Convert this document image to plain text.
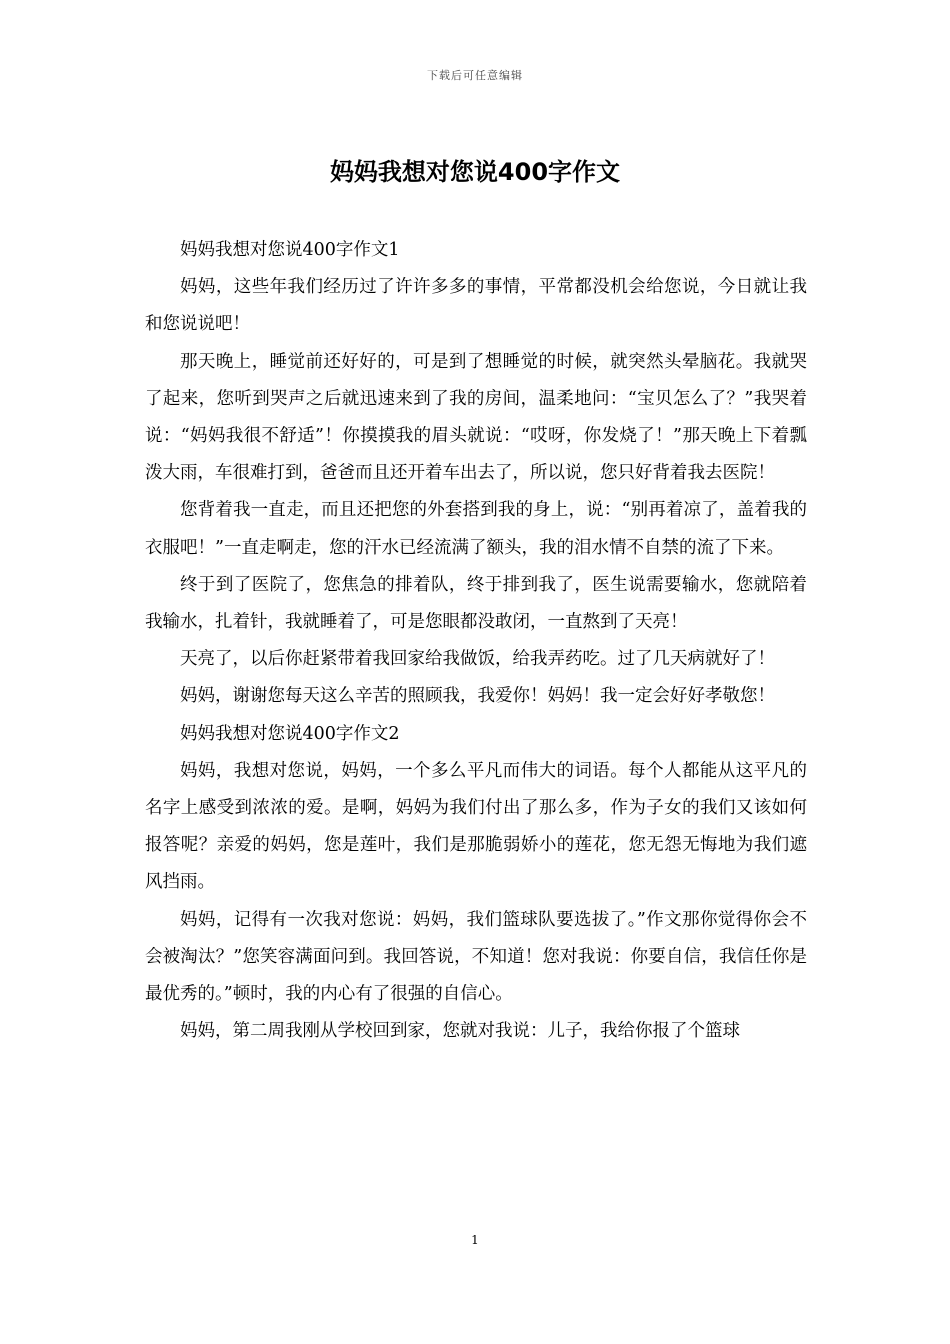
下载后可任意编辑
妈妈我想对您说400字作文

妈妈我想对您说400字作文1

妈妈，这些年我们经历过了许许多多的事情，平常都没机会给您说，今日就让我和您说说吧！

那天晚上，睡觉前还好好的，可是到了想睡觉的时候，就突然头晕脑花。我就哭了起来，您听到哭声之后就迅速来到了我的房间，温柔地问：“宝贝怎么了？”我哭着说：“妈妈我很不舒适”！你摸摸我的眉头就说：“哎呀，你发烧了！”那天晚上下着瓢泼大雨，车很难打到，爸爸而且还开着车出去了，所以说，您只好背着我去医院！

您背着我一直走，而且还把您的外套搭到我的身上，说：“别再着凉了，盖着我的衣服吧！”一直走啊走，您的汗水已经流满了额头，我的泪水情不自禁的流了下来。

终于到了医院了，您焦急的排着队，终于排到我了，医生说需要输水，您就陪着我输水，扎着针，我就睡着了，可是您眼都没敢闭，一直熬到了天亮！

天亮了，以后你赶紧带着我回家给我做饭，给我弄药吃。过了几天病就好了！

妈妈，谢谢您每天这么辛苦的照顾我，我爱你！妈妈！我一定会好好孝敬您！

妈妈我想对您说400字作文2

妈妈，我想对您说，妈妈，一个多么平凡而伟大的词语。每个人都能从这平凡的名字上感受到浓浓的爱。是啊，妈妈为我们付出了那么多，作为子女的我们又该如何报答呢？亲爱的妈妈，您是莲叶，我们是那脆弱娇小的莲花，您无怨无悔地为我们遮风挡雨。

妈妈，记得有一次我对您说：妈妈，我们篮球队要选拔了。”作文那你觉得你会不会被淘汰？”您笑容满面问到。我回答说，不知道！您对我说：你要自信，我信任你是最优秀的。”顿时，我的内心有了很强的自信心。

妈妈，第二周我刚从学校回到家，您就对我说：儿子，我给你报了个篮球

1
